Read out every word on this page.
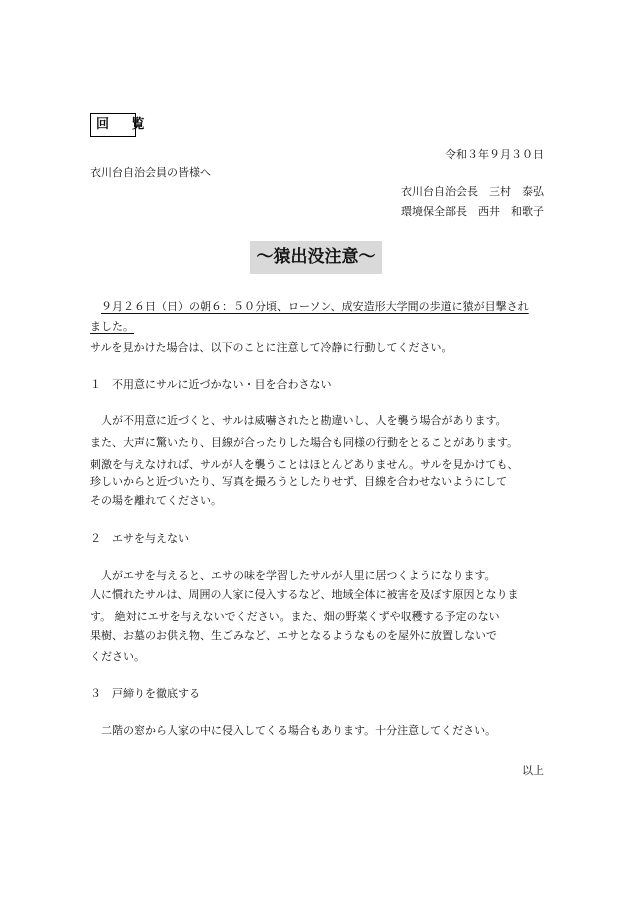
回 覧
令和３年９月３０日
衣川台自治会員の皆様へ
衣川台自治会長　三村　泰弘
環境保全部長　西井　和歌子
〜猿出没注意〜

９月２６日（日）の朝６：５０分頃、ローソン、成安造形大学間の歩道に猿が目撃され

ました。

サルを見かけた場合は、以下のことに注意して冷静に行動してください。

１　不用意にサルに近づかない・目を合わさない

人が不用意に近づくと、サルは威嚇されたと勘違いし、人を襲う場合があります。

また、大声に驚いたり、目線が合ったりした場合も同様の行動をとることがあります。

刺激を与えなければ、サルが人を襲うことはほとんどありません。サルを見かけても、

珍しいからと近づいたり、写真を撮ろうとしたりせず、目線を合わせないようにして

その場を離れてください。

２　エサを与えない

人がエサを与えると、エサの味を学習したサルが人里に居つくようになります。

人に慣れたサルは、周囲の人家に侵入するなど、地域全体に被害を及ぼす原因となりま

す。 絶対にエサを与えないでください。また、畑の野菜くずや収穫する予定のない

果樹、お墓のお供え物、生ごみなど、エサとなるようなものを屋外に放置しないで

ください。

３　戸締りを徹底する

二階の窓から人家の中に侵入してくる場合もあります。十分注意してください。

以上
